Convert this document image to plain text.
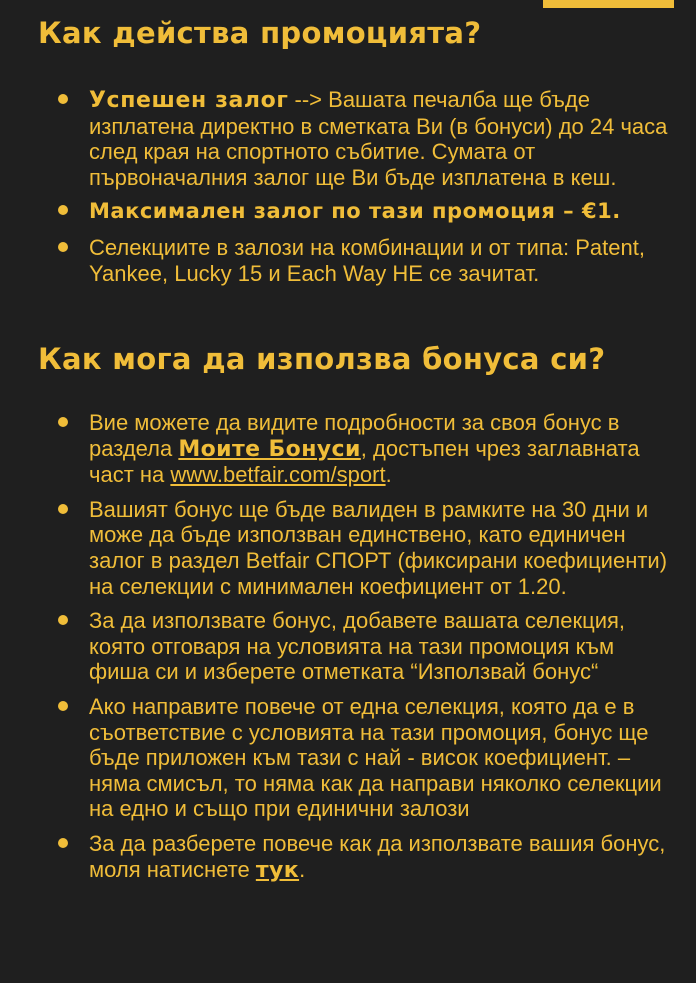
Как действа промоцията?
Успешен залог --> Вашата печалба ще бъде изплатена директно в сметката Ви (в бонуси) до 24 часа след края на спортното събитие. Сумата от първоначалния залог ще Ви бъде изплатена в кеш.
Максимален залог по тази промоция – €1.
Селекциите в залози на комбинации и от типа: Patent, Yankee, Lucky 15 и Each Way НЕ се зачитат.
Как мога да използва бонуса си?
Вие можете да видите подробности за своя бонус в раздела Моите Бонуси, достъпен чрез заглавната част на www.betfair.com/sport.
Вашият бонус ще бъде валиден в рамките на 30 дни и може да бъде използван единствено, като единичен залог в раздел Betfair СПОРТ (фиксирани коефициенти) на селекции с минимален коефициент от 1.20.
За да използвате бонус, добавете вашата селекция, която отговаря на условията на тази промоция към фиша си и изберете отметката “Използвай бонус“
Ако направите повече от една селекция, която да е в съответствие с условията на тази промоция, бонус ще бъде приложен към тази с най - висок коефициент. – няма смисъл, то няма как да направи няколко селекции на едно и също при единични залози
За да разберете повече как да използвате вашия бонус, моля натиснете тук.
